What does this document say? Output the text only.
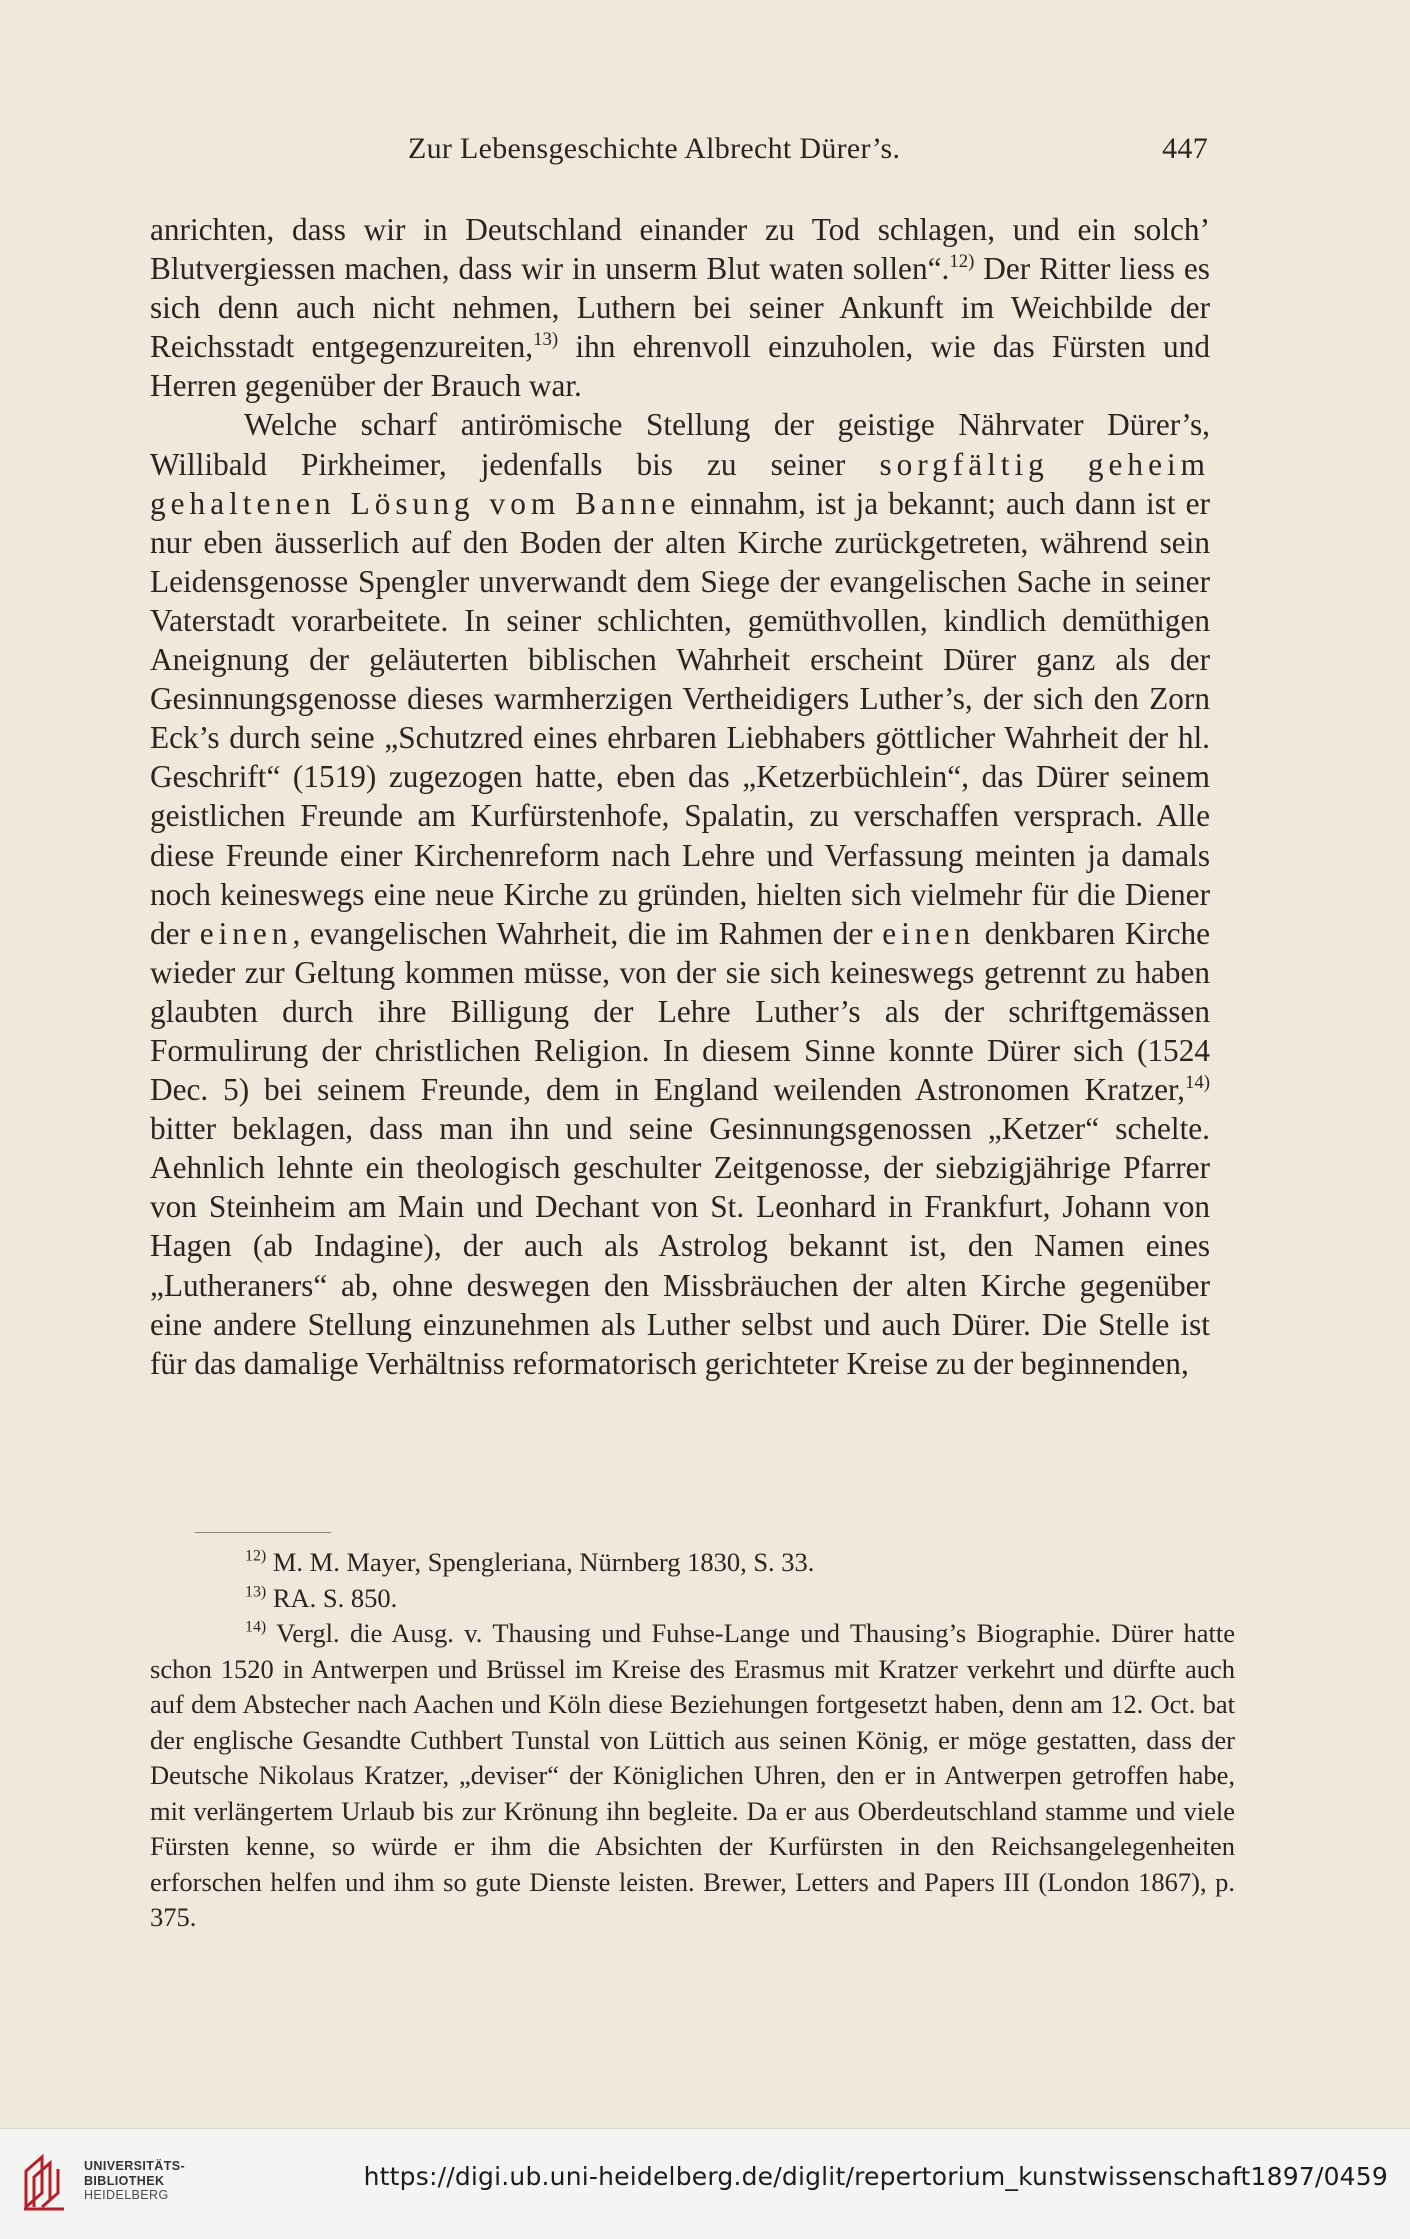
Zur Lebensgeschichte Albrecht Dürer’s.	447

anrichten, dass wir in Deutschland einander zu Tod schlagen, und ein solch’ Blutvergiessen machen, dass wir in unserm Blut waten sollen“.$^{12)}$ Der Ritter liess es sich denn auch nicht nehmen, Luthern bei seiner Ankunft im Weichbilde der Reichsstadt entgegenzureiten,$^{13)}$ ihn ehrenvoll einzuholen, wie das Fürsten und Herren gegenüber der Brauch war.

Welche scharf antirömische Stellung der geistige Nährvater Dürer’s, Willibald Pirkheimer, jedenfalls bis zu seiner sorgfältig geheim gehaltenen Lösung vom Banne einnahm, ist ja bekannt; auch dann ist er nur eben äusserlich auf den Boden der alten Kirche zurückgetreten, während sein Leidensgenosse Spengler unverwandt dem Siege der evangelischen Sache in seiner Vaterstadt vorarbeitete. In seiner schlichten, gemüthvollen, kindlich demüthigen Aneignung der geläuterten biblischen Wahrheit erscheint Dürer ganz als der Gesinnungsgenosse dieses warmherzigen Vertheidigers Luther’s, der sich den Zorn Eck’s durch seine „Schutzred eines ehrbaren Liebhabers göttlicher Wahrheit der hl. Geschrift“ (1519) zugezogen hatte, eben das „Ketzerbüchlein“, das Dürer seinem geistlichen Freunde am Kurfürstenhofe, Spalatin, zu verschaffen versprach. Alle diese Freunde einer Kirchenreform nach Lehre und Verfassung meinten ja damals noch keineswegs eine neue Kirche zu gründen, hielten sich vielmehr für die Diener der einen, evangelischen Wahrheit, die im Rahmen der einen denkbaren Kirche wieder zur Geltung kommen müsse, von der sie sich keineswegs getrennt zu haben glaubten durch ihre Billigung der Lehre Luther’s als der schriftgemässen Formulirung der christlichen Religion. In diesem Sinne konnte Dürer sich (1524 Dec. 5) bei seinem Freunde, dem in England weilenden Astronomen Kratzer,$^{14)}$ bitter beklagen, dass man ihn und seine Gesinnungsgenossen „Ketzer“ schelte. Aehnlich lehnte ein theologisch geschulter Zeitgenosse, der siebzigjährige Pfarrer von Steinheim am Main und Dechant von St. Leonhard in Frankfurt, Johann von Hagen (ab Indagine), der auch als Astrolog bekannt ist, den Namen eines „Lutheraners“ ab, ohne deswegen den Missbräuchen der alten Kirche gegenüber eine andere Stellung einzunehmen als Luther selbst und auch Dürer. Die Stelle ist für das damalige Verhältniss reformatorisch gerichteter Kreise zu der beginnenden,

$^{12)}$ M. M. Mayer, Spengleriana, Nürnberg 1830, S. 33.

$^{13)}$ RA. S. 850.

$^{14)}$ Vergl. die Ausg. v. Thausing und Fuhse-Lange und Thausing’s Biographie. Dürer hatte schon 1520 in Antwerpen und Brüssel im Kreise des Erasmus mit Kratzer verkehrt und dürfte auch auf dem Abstecher nach Aachen und Köln diese Beziehungen fortgesetzt haben, denn am 12. Oct. bat der englische Gesandte Cuthbert Tunstal von Lüttich aus seinen König, er möge gestatten, dass der Deutsche Nikolaus Kratzer, „deviser“ der Königlichen Uhren, den er in Antwerpen getroffen habe, mit verlängertem Urlaub bis zur Krönung ihn begleite. Da er aus Oberdeutschland stamme und viele Fürsten kenne, so würde er ihm die Absichten der Kurfürsten in den Reichsangelegenheiten erforschen helfen und ihm so gute Dienste leisten. Brewer, Letters and Papers III (London 1867), p. 375.

UNIVERSITÄTS-
BIBLIOTHEK
HEIDELBERG
https://digi.ub.uni-heidelberg.de/diglit/repertorium_kunstwissenschaft1897/0459
